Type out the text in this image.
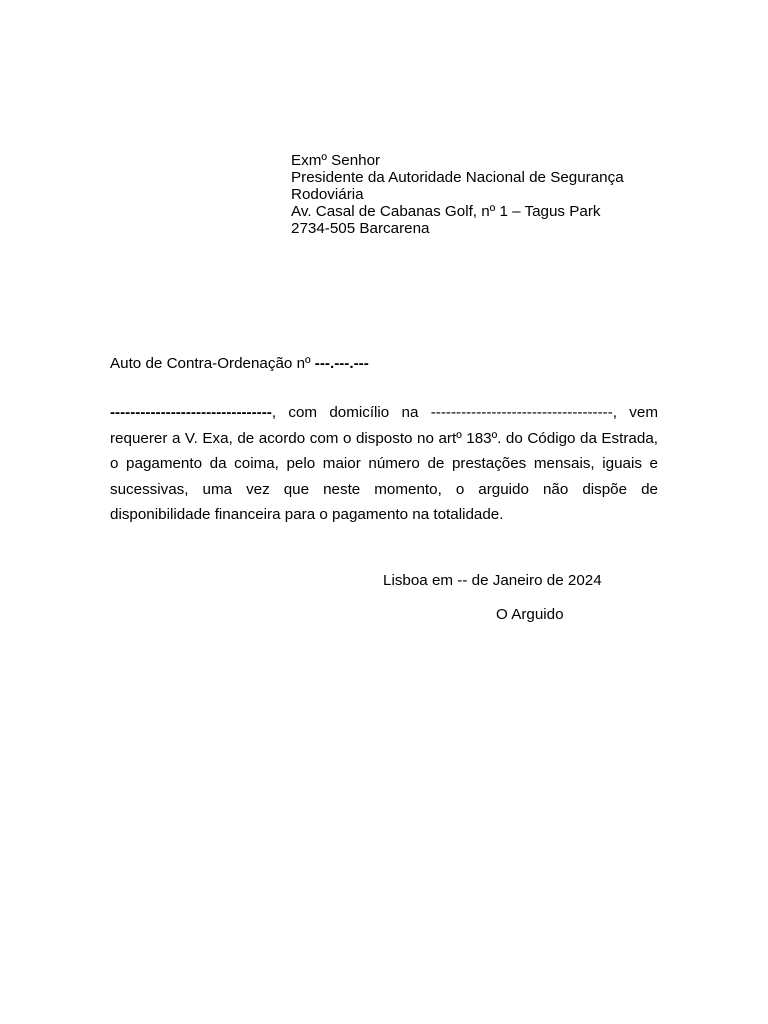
Exmº Senhor
Presidente da Autoridade Nacional de Segurança
Rodoviária
Av. Casal de Cabanas Golf, nº 1 – Tagus Park
2734-505 Barcarena
Auto de Contra-Ordenação nº ---.---.---
--------------------------------, com domicílio na ------------------------------------, vem requerer a V. Exa, de acordo com o disposto no artº 183º. do Código da Estrada, o pagamento da coima, pelo maior número de prestações mensais, iguais e sucessivas, uma vez que neste momento, o arguido não dispõe de disponibilidade financeira para o pagamento na totalidade.
Lisboa em -- de Janeiro de 2024
O Arguido
